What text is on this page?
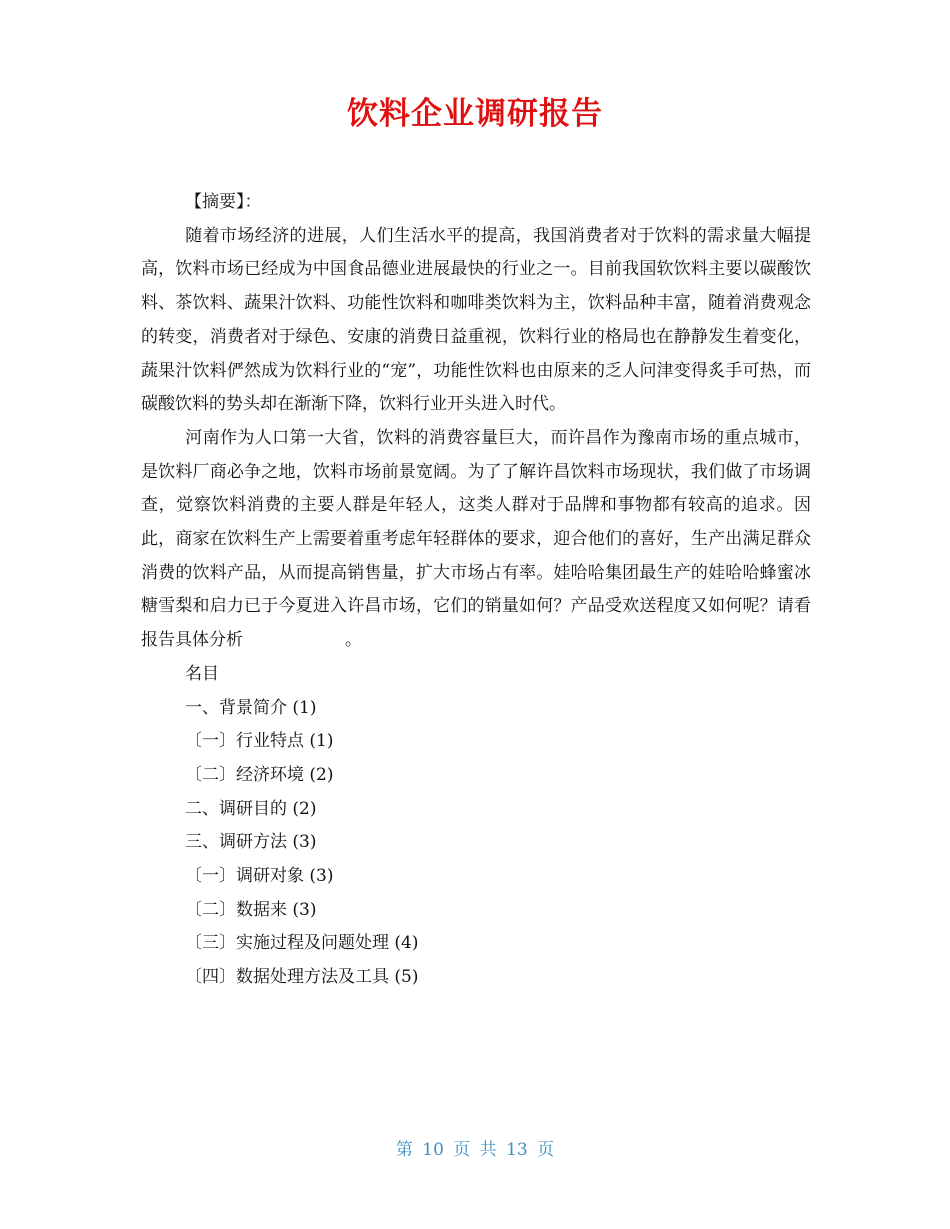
饮料企业调研报告

【摘要】：

随着市场经济的进展，人们生活水平的提高，我国消费者对于饮料的需求量大幅提高，饮料市场已经成为中国食品德业进展最快的行业之一。目前我国软饮料主要以碳酸饮料、茶饮料、蔬果汁饮料、功能性饮料和咖啡类饮料为主，饮料品种丰富，随着消费观念的转变，消费者对于绿色、安康的消费日益重视，饮料行业的格局也在静静发生着变化，蔬果汁饮料俨然成为饮料行业的“宠”，功能性饮料也由原来的乏人问津变得炙手可热，而碳酸饮料的势头却在渐渐下降，饮料行业开头进入时代。

河南作为人口第一大省，饮料的消费容量巨大，而许昌作为豫南市场的重点城市，是饮料厂商必争之地，饮料市场前景宽阔。为了了解许昌饮料市场现状，我们做了市场调查，觉察饮料消费的主要人群是年轻人，这类人群对于品牌和事物都有较高的追求。因此，商家在饮料生产上需要着重考虑年轻群体的要求，迎合他们的喜好，生产出满足群众消费的饮料产品，从而提高销售量，扩大市场占有率。娃哈哈集团最生产的娃哈哈蜂蜜冰糖雪梨和启力已于今夏进入许昌市场，它们的销量如何？产品受欢送程度又如何呢？请看报告具体分析　　　　　　。

名目

一、背景简介 (1)
〔一〕行业特点 (1)
〔二〕经济环境 (2)
二、调研目的 (2)
三、调研方法 (3)
〔一〕调研对象 (3)
〔二〕数据来 (3)
〔三〕实施过程及问题处理 (4)
〔四〕数据处理方法及工具 (5)
第 10 页 共 13 页
